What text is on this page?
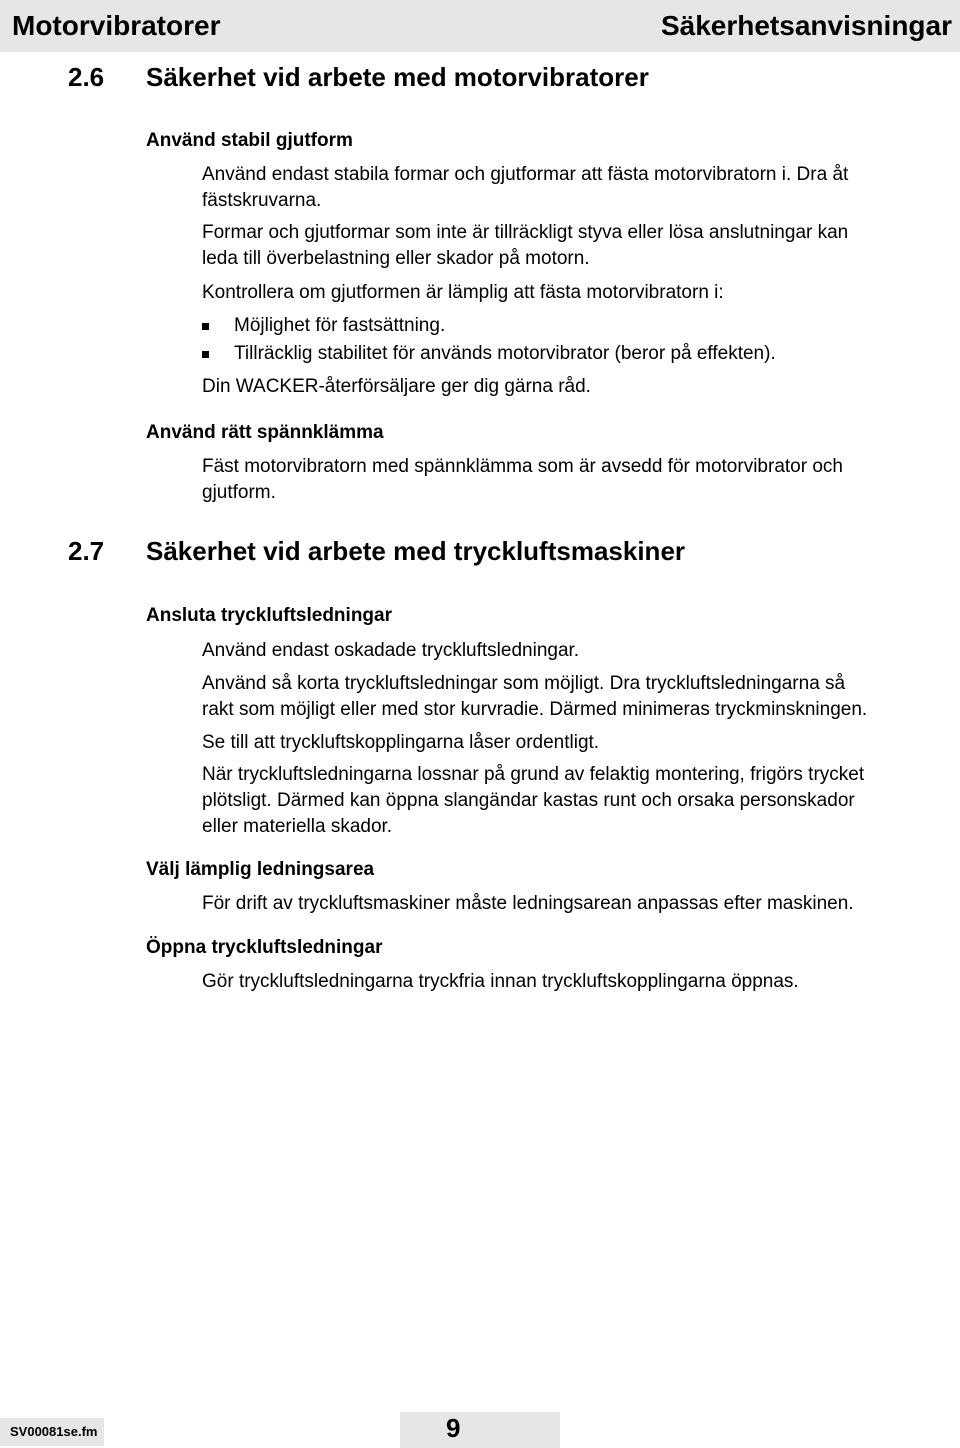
Motorvibratorer	Säkerhetsanvisningar
2.6 Säkerhet vid arbete med motorvibratorer
Använd stabil gjutform
Använd endast stabila formar och gjutformar att fästa motorvibratorn i. Dra åt
fästskruvarna.
Formar och gjutformar som inte är tillräckligt styva eller lösa anslutningar kan
leda till överbelastning eller skador på motorn.
Kontrollera om gjutformen är lämplig att fästa motorvibratorn i:
Möjlighet för fastsättning.
Tillräcklig stabilitet för används motorvibrator (beror på effekten).
Din WACKER-återförsäljare ger dig gärna råd.
Använd rätt spännklämma
Fäst motorvibratorn med spännklämma som är avsedd för motorvibrator och
gjutform.
2.7 Säkerhet vid arbete med tryckluftsmaskiner
Ansluta tryckluftsledningar
Använd endast oskadade tryckluftsledningar.
Använd så korta tryckluftsledningar som möjligt. Dra tryckluftsledningarna så
rakt som möjligt eller med stor kurvradie. Därmed minimeras tryckminskningen.
Se till att tryckluftskopplingarna låser ordentligt.
När tryckluftsledningarna lossnar på grund av felaktig montering, frigörs trycket
plötsligt. Därmed kan öppna slangändar kastas runt och orsaka personskador
eller materiella skador.
Välj lämplig ledningsarea
För drift av tryckluftsmaskiner måste ledningsarean anpassas efter maskinen.
Öppna tryckluftsledningar
Gör tryckluftsledningarna tryckfria innan tryckluftskopplingarna öppnas.
SV00081se.fm	9
